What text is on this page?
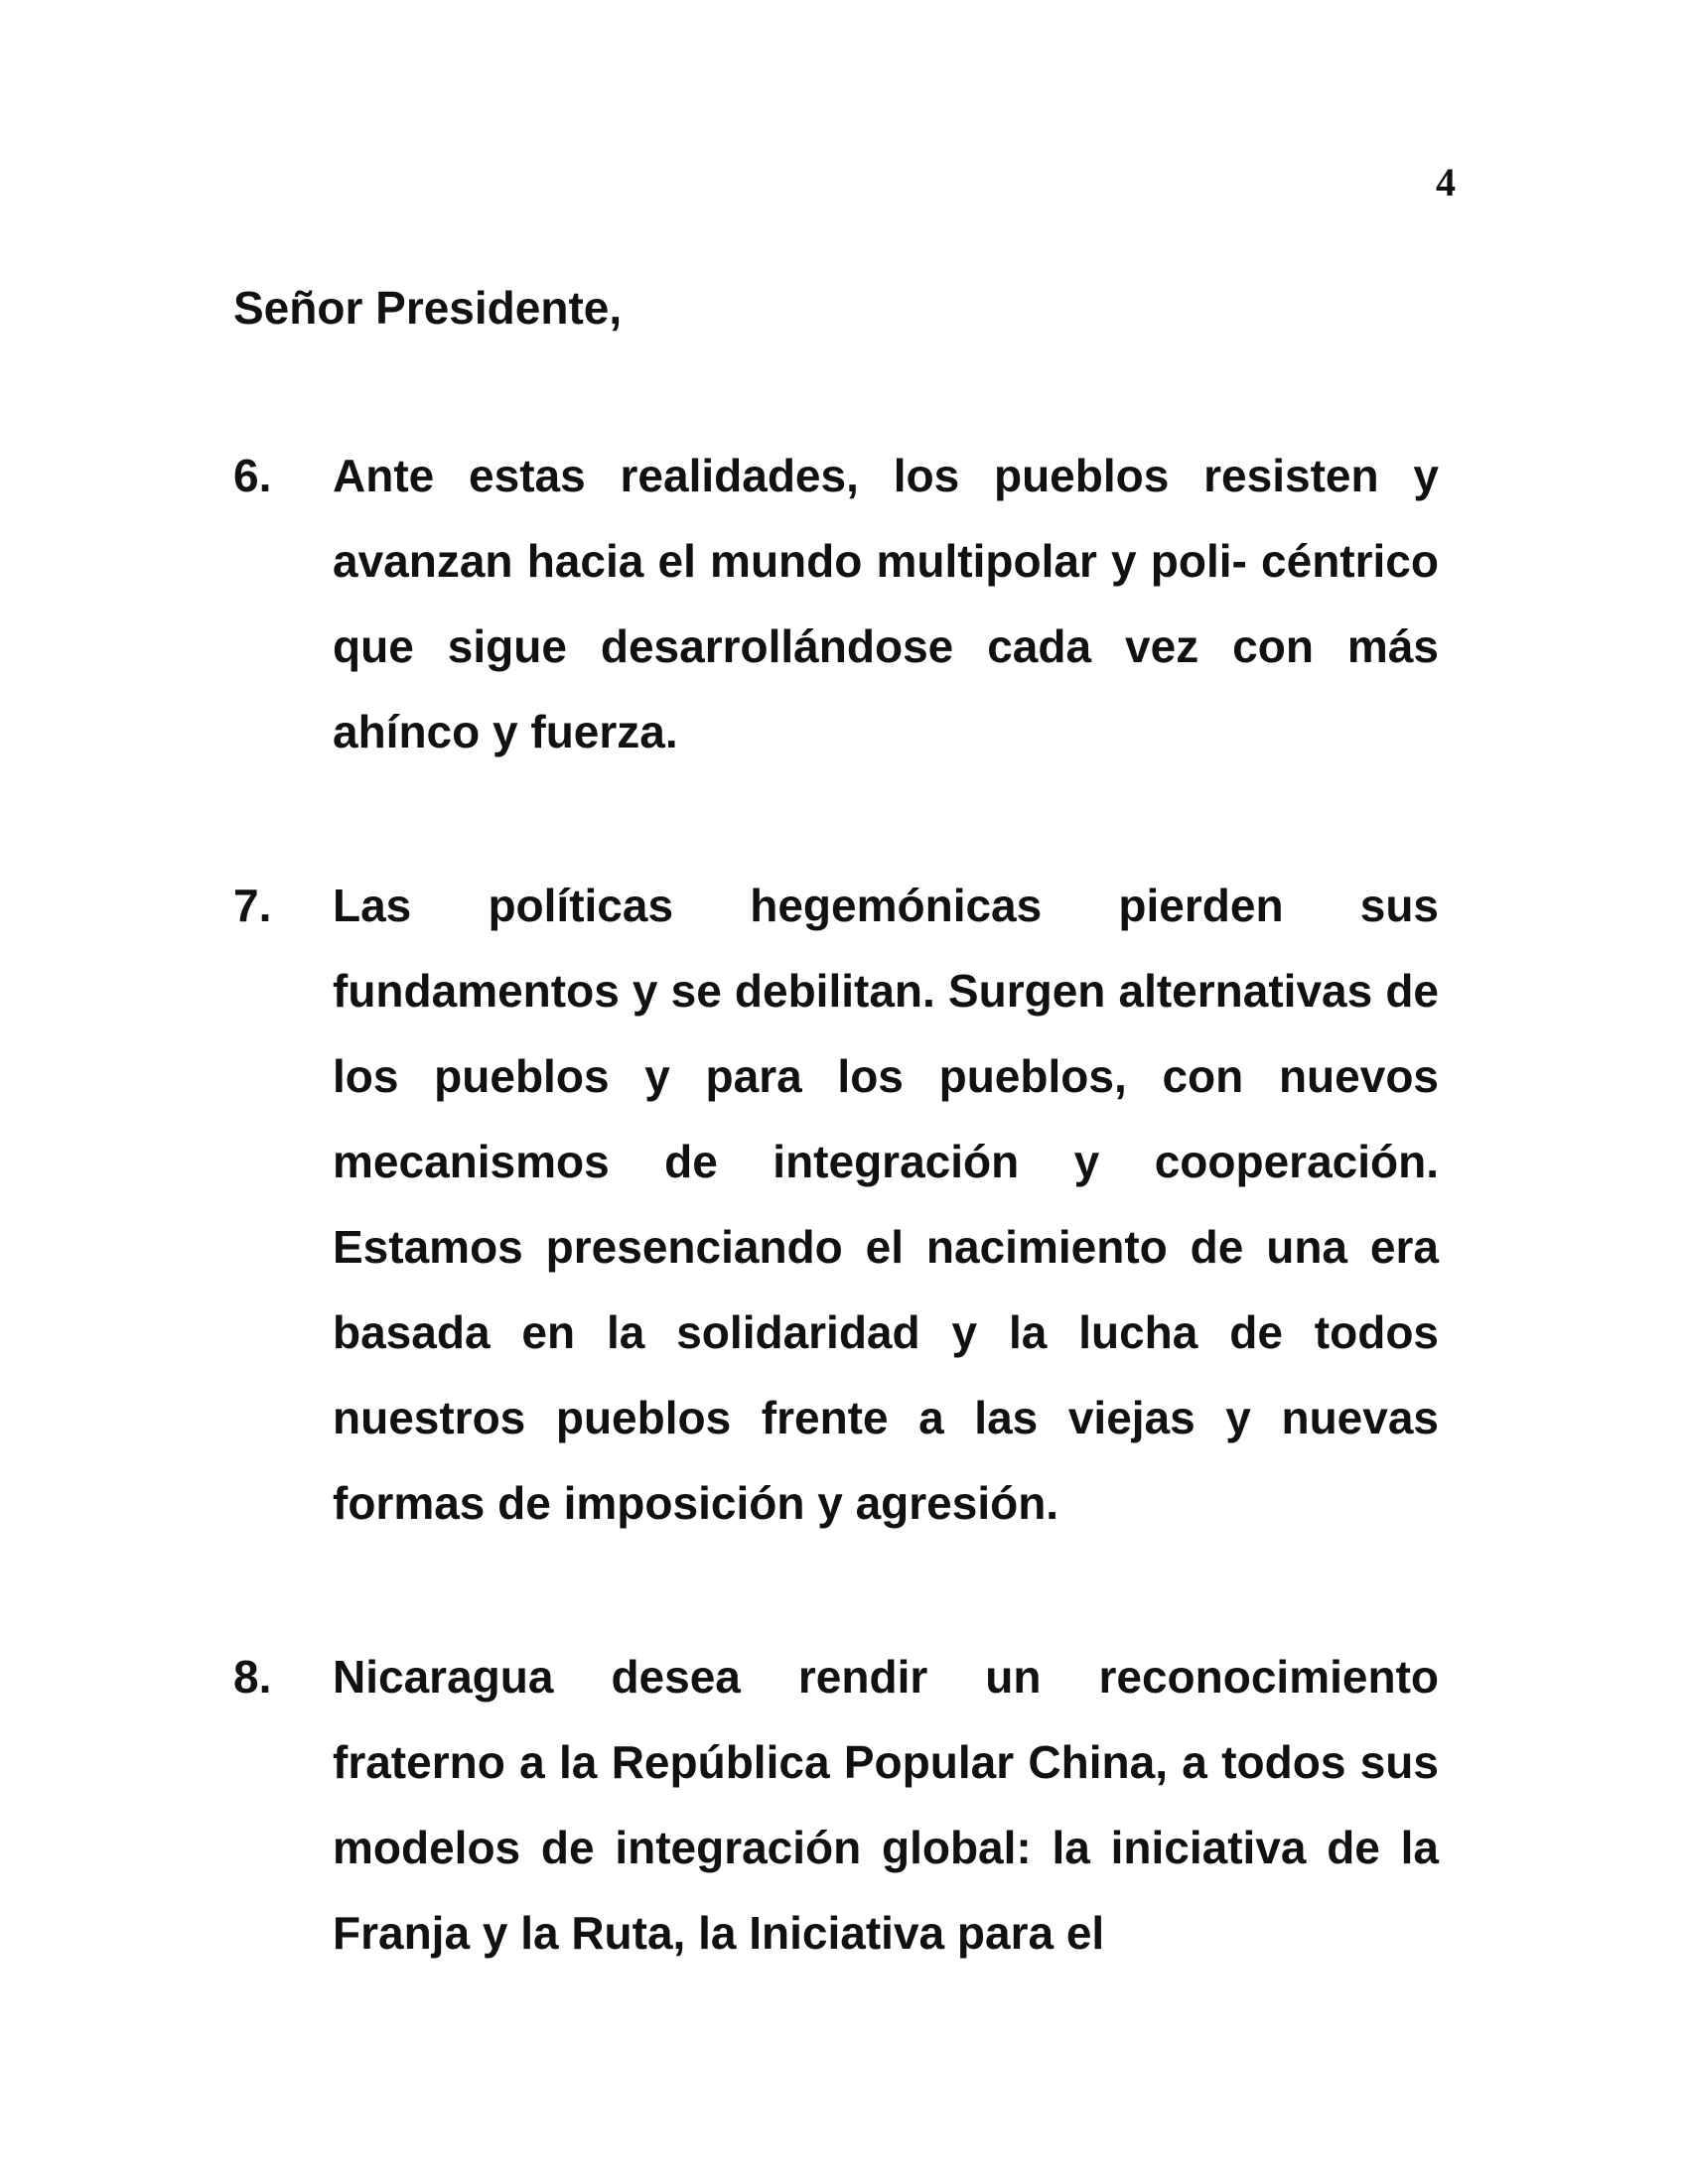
4
Señor Presidente,
6. Ante estas realidades, los pueblos resisten y avanzan hacia el mundo multipolar y poli- céntrico que sigue desarrollándose cada vez con más ahínco y fuerza.
7. Las políticas hegemónicas pierden sus fundamentos y se debilitan. Surgen alternativas de los pueblos y para los pueblos, con nuevos mecanismos de integración y cooperación. Estamos presenciando el nacimiento de una era basada en la solidaridad y la lucha de todos nuestros pueblos frente a las viejas y nuevas formas de imposición y agresión.
8. Nicaragua desea rendir un reconocimiento fraterno a la República Popular China, a todos sus modelos de integración global: la iniciativa de la Franja y la Ruta, la Iniciativa para el
